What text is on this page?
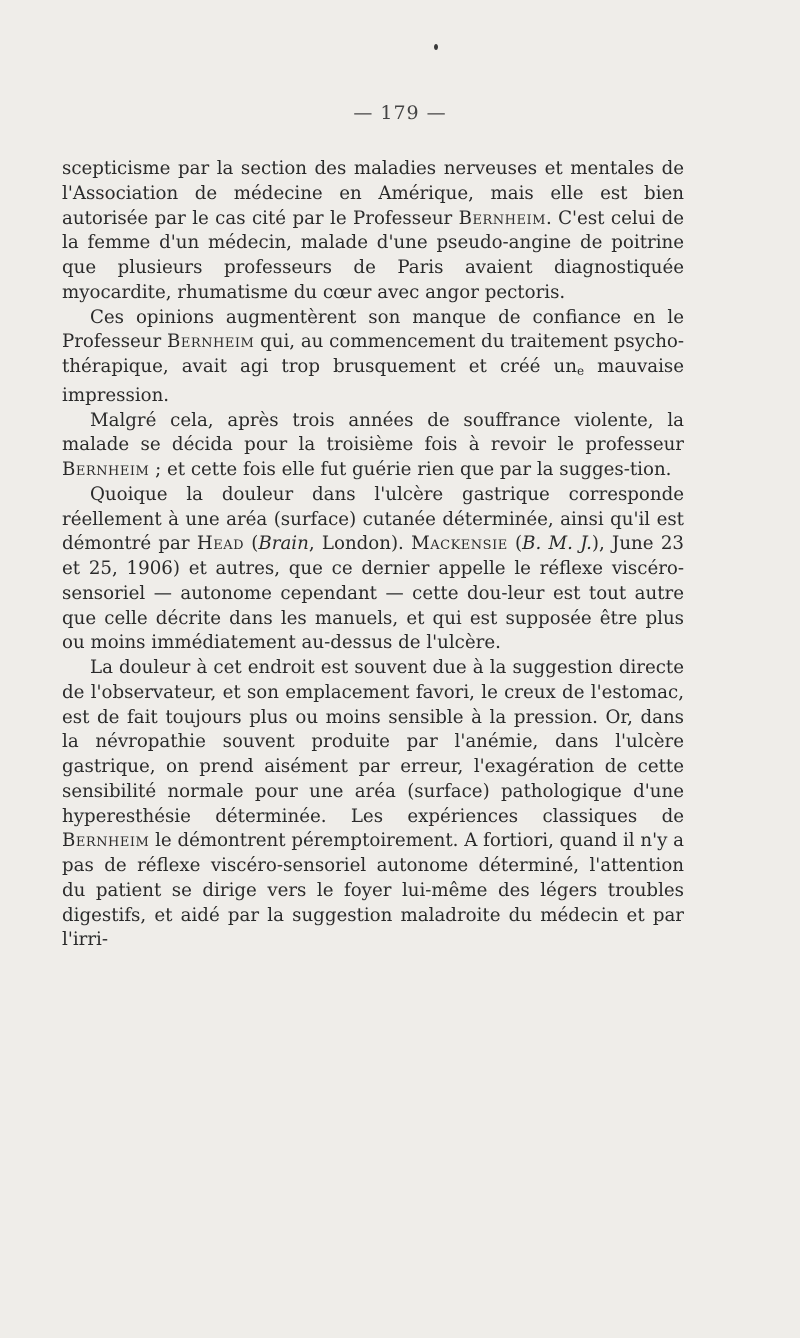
— 179 —

scepticisme par la section des maladies nerveuses et mentales de l'Association de médecine en Amérique, mais elle est bien autorisée par le cas cité par le Professeur Bernheim. C'est celui de la femme d'un médecin, malade d'une pseudo-angine de poitrine que plusieurs professeurs de Paris avaient diagnostiquée myocardite, rhumatisme du cœur avec angor pectoris.

Ces opinions augmentèrent son manque de confiance en le Professeur Bernheim qui, au commencement du traitement psycho-thérapique, avait agi trop brusquement et créé $un_e$ mauvaise impression.

Malgré cela, après trois années de souffrance violente, la malade se décida pour la troisième fois à revoir le professeur Bernheim ; et cette fois elle fut guérie rien que par la sugges-tion.

Quoique la douleur dans l'ulcère gastrique corresponde réellement à une aréa (surface) cutanée déterminée, ainsi qu'il est démontré par Head (Brain, London). Mackensie (B. M. J.), June 23 et 25, 1906) et autres, que ce dernier appelle le réflexe viscéro-sensoriel — autonome cependant — cette dou-leur est tout autre que celle décrite dans les manuels, et qui est supposée être plus ou moins immédiatement au-dessus de l'ulcère.

La douleur à cet endroit est souvent due à la suggestion directe de l'observateur, et son emplacement favori, le creux de l'estomac, est de fait toujours plus ou moins sensible à la pression. Or, dans la névropathie souvent produite par l'anémie, dans l'ulcère gastrique, on prend aisément par erreur, l'exagération de cette sensibilité normale pour une aréa (surface) pathologique d'une hyperesthésie déterminée. Les expériences classiques de Bernheim le démontrent péremptoirement. A fortiori, quand il n'y a pas de réflexe viscéro-sensoriel autonome déterminé, l'attention du patient se dirige vers le foyer lui-même des légers troubles digestifs, et aidé par la suggestion maladroite du médecin et par l'irri-
